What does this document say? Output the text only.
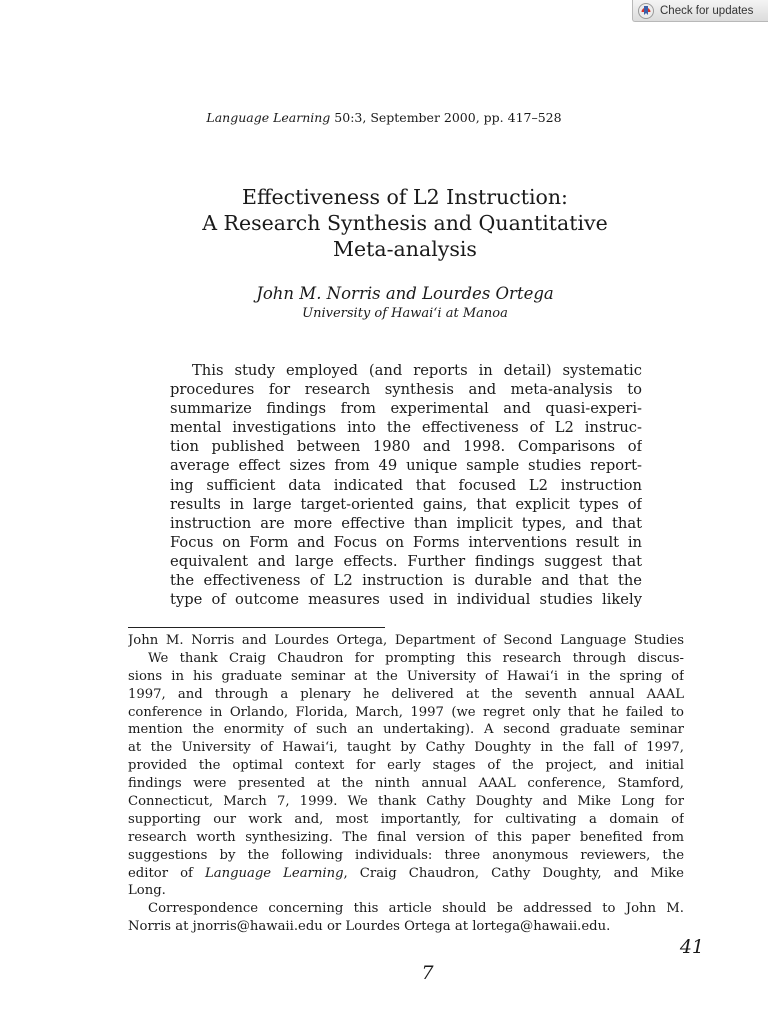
Check for updates
Language Learning 50:3, September 2000, pp. 417–528
Effectiveness of L2 Instruction:
A Research Synthesis and Quantitative
Meta-analysis
John M. Norris and Lourdes Ortega
University of Hawai‘i at Manoa
This study employed (and reports in detail) systematic
procedures for research synthesis and meta-analysis to
summarize findings from experimental and quasi-experi-
mental investigations into the effectiveness of L2 instruc-
tion published between 1980 and 1998. Comparisons of
average effect sizes from 49 unique sample studies report-
ing sufficient data indicated that focused L2 instruction
results in large target-oriented gains, that explicit types of
instruction are more effective than implicit types, and that
Focus on Form and Focus on Forms interventions result in
equivalent and large effects. Further findings suggest that
the effectiveness of L2 instruction is durable and that the
type of outcome measures used in individual studies likely
John M. Norris and Lourdes Ortega, Department of Second Language Studies
We thank Craig Chaudron for prompting this research through discus-
sions in his graduate seminar at the University of Hawai‘i in the spring of
1997, and through a plenary he delivered at the seventh annual AAAL
conference in Orlando, Florida, March, 1997 (we regret only that he failed to
mention the enormity of such an undertaking). A second graduate seminar
at the University of Hawai‘i, taught by Cathy Doughty in the fall of 1997,
provided the optimal context for early stages of the project, and initial
findings were presented at the ninth annual AAAL conference, Stamford,
Connecticut, March 7, 1999. We thank Cathy Doughty and Mike Long for
supporting our work and, most importantly, for cultivating a domain of
research worth synthesizing. The final version of this paper benefited from
suggestions by the following individuals: three anonymous reviewers, the
editor of Language Learning, Craig Chaudron, Cathy Doughty, and Mike
Long.
Correspondence concerning this article should be addressed to John M.
Norris at jnorris@hawaii.edu or Lourdes Ortega at lortega@hawaii.edu.
41
7
